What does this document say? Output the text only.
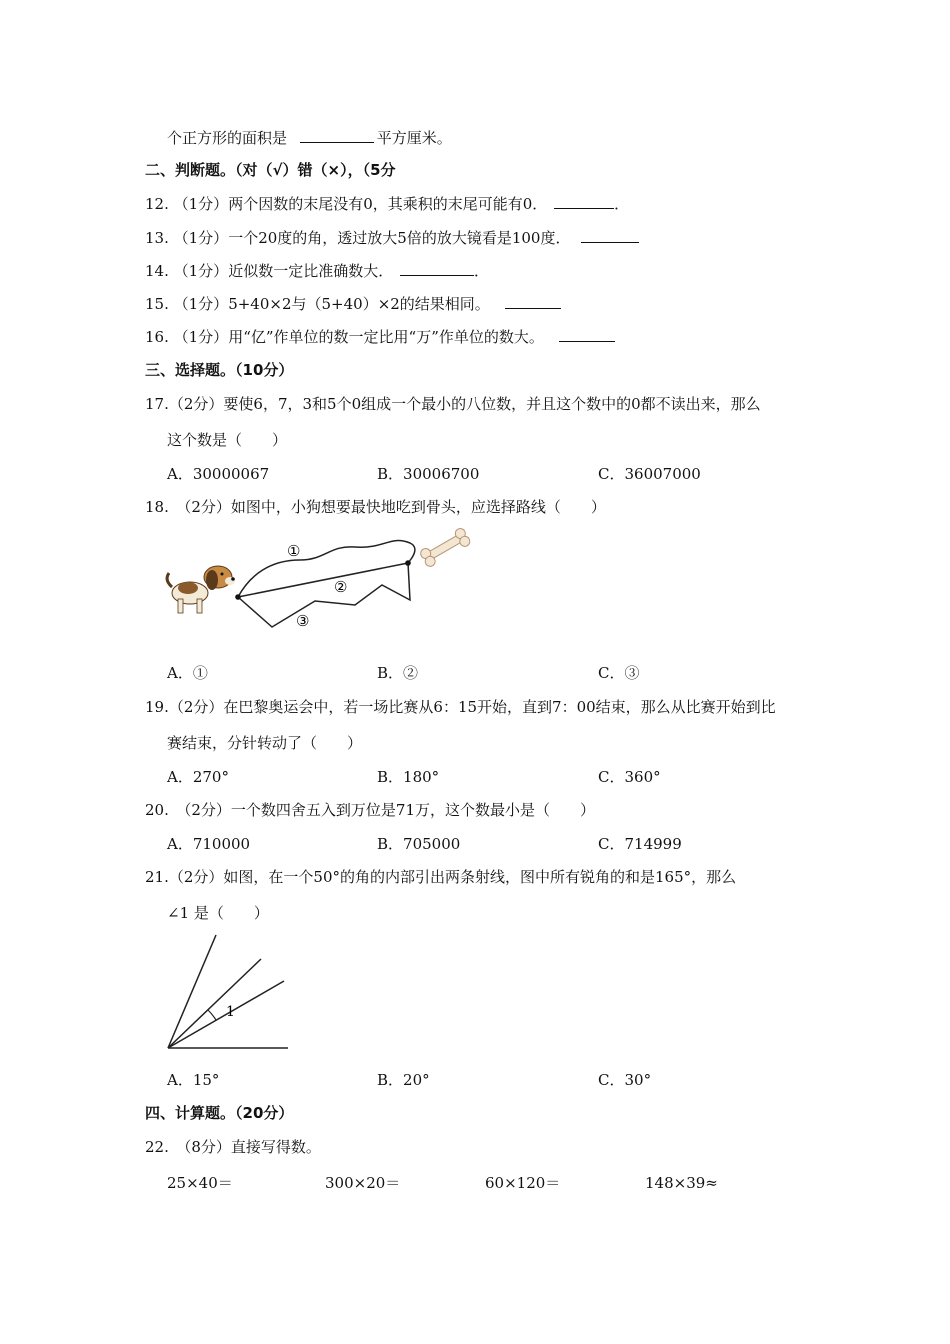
个正方形的面积是	平方厘米。
二、判断题。（对（√）错（×），（5分
12. （1分）两个因数的末尾没有0，其乘积的末尾可能有0．	．
13. （1分）一个20度的角，透过放大5倍的放大镜看是100度．
14. （1分）近似数一定比准确数大．	．
15. （1分）5+40×2与（5+40）×2的结果相同。
16. （1分）用“亿”作单位的数一定比用“万”作单位的数大。
三、选择题。（10分）
17.（2分）要使6，7，3和5个0组成一个最小的八位数，并且这个数中的0都不读出来，那么
这个数是（　　）
A．30000067	B．30006700	C．36007000
18.　（2分）如图中，小狗想要最快地吃到骨头，应选择路线（　　）
①
②
③
A．①	B．②	C．③
19.（2分）在巴黎奥运会中，若一场比赛从6：15开始，直到7：00结束，那么从比赛开始到比
赛结束，分针转动了（　　）
A．270°	B．180°	C．360°
20.　（2分）一个数四舍五入到万位是71万，这个数最小是（　　）
A．710000	B．705000	C．714999
21.（2分）如图，在一个50°的角的内部引出两条射线，图中所有锐角的和是165°，那么
∠1 是（　　）
1
A．15°	B．20°	C．30°
四、计算题。（20分）
22.　（8分）直接写得数。
25×40＝	300×20＝	60×120＝	148×39≈
